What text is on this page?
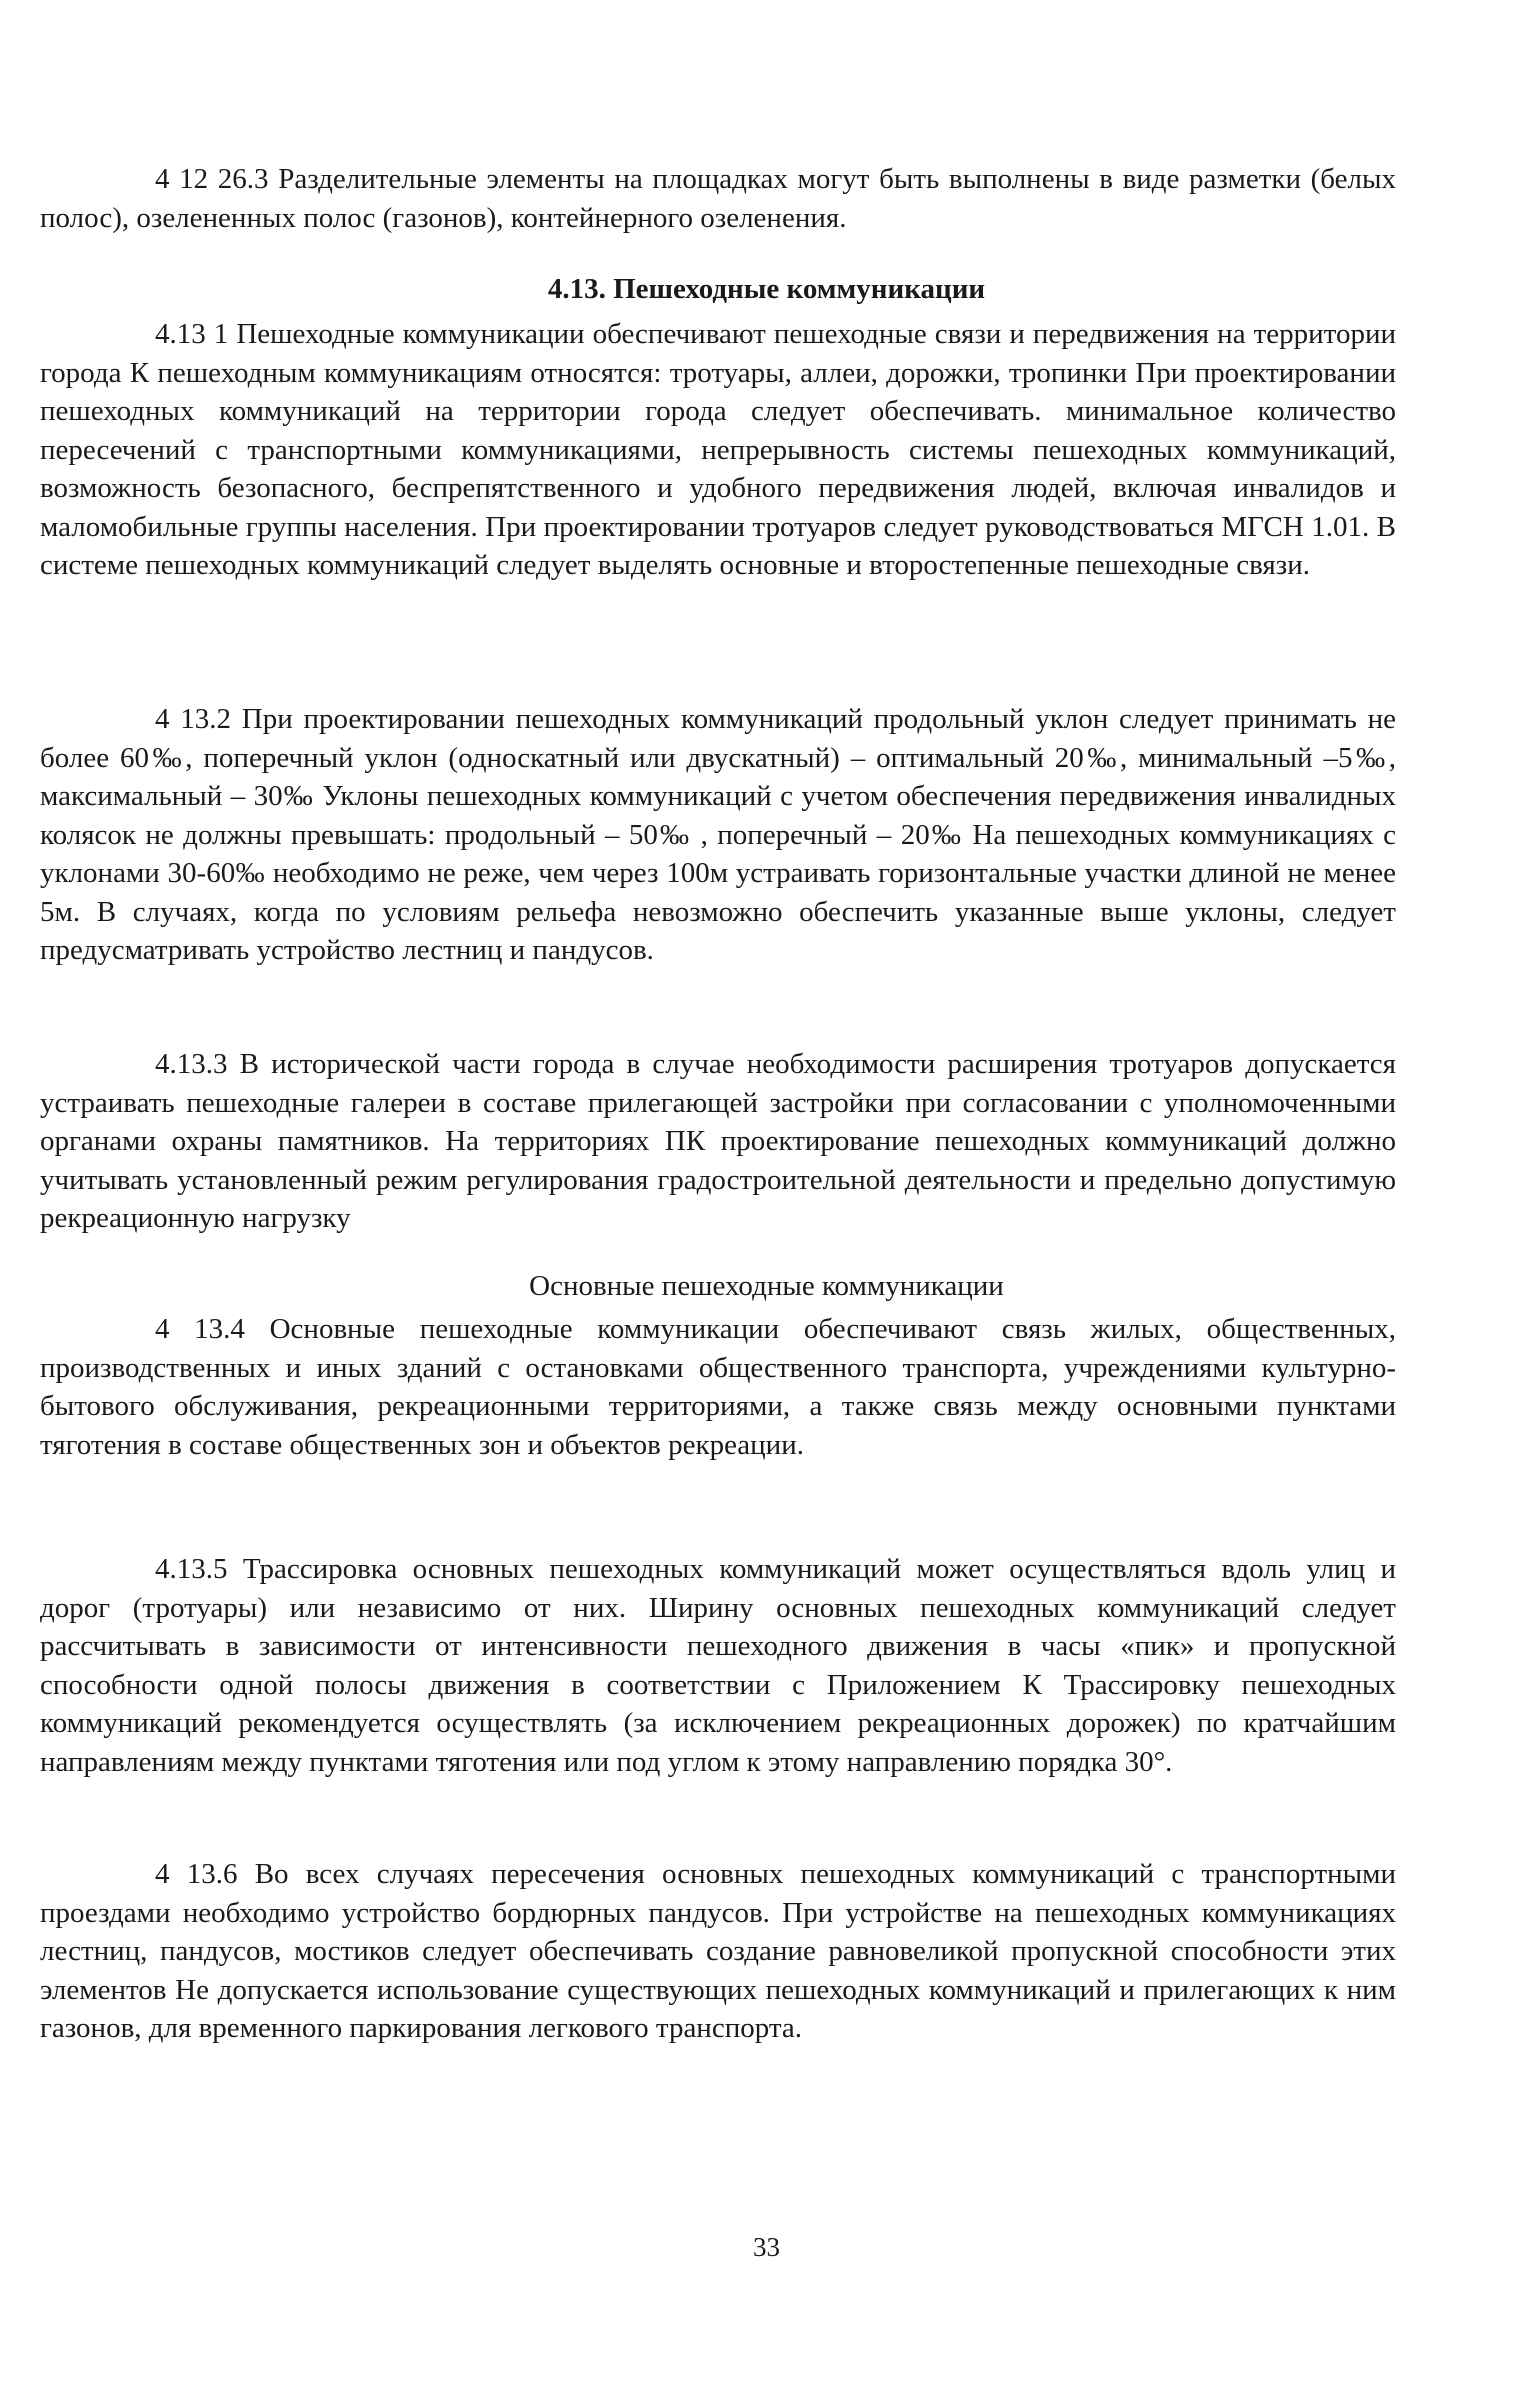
4 12 26.3 Разделительные элементы на площадках могут быть выполнены в виде разметки (белых полос), озелененных полос (газонов), контейнерного озеленения.

4.13. Пешеходные коммуникации

4.13 1 Пешеходные коммуникации обеспечивают пешеходные связи и передвижения на территории города К пешеходным коммуникациям относятся: тротуары, аллеи, дорожки, тропинки При проектировании пешеходных коммуникаций на территории города следует обеспечивать. минимальное количество пересечений с транспортными коммуникациями, непрерывность системы пешеходных коммуникаций, возможность безопасного, беспрепятственного и удобного передвижения людей, включая инвалидов и маломобильные группы населения. При проектировании тротуаров следует руководствоваться МГСН 1.01. В системе пешеходных коммуникаций следует выделять основные и второстепенные пешеходные связи.

4 13.2 При проектировании пешеходных коммуникаций продольный уклон следует принимать не более 60‰, поперечный уклон (односкатный или двускатный) – оптимальный 20‰, минимальный –5‰, максимальный – 30‰ Уклоны пешеходных коммуникаций с учетом обеспечения передвижения инвалидных колясок не должны превышать: продольный – 50‰ , поперечный – 20‰ На пешеходных коммуникациях с уклонами 30-60‰ необходимо не реже, чем через 100м устраивать горизонтальные участки длиной не менее 5м. В случаях, когда по условиям рельефа невозможно обеспечить указанные выше уклоны, следует предусматривать устройство лестниц и пандусов.

4.13.3 В исторической части города в случае необходимости расширения тротуаров допускается устраивать пешеходные галереи в составе прилегающей застройки при согласовании с уполномоченными органами охраны памятников. На территориях ПК проектирование пешеходных коммуникаций должно учитывать установленный режим регулирования градостроительной деятельности и предельно допустимую рекреационную нагрузку

Основные пешеходные коммуникации

4 13.4 Основные пешеходные коммуникации обеспечивают связь жилых, общественных, производственных и иных зданий с остановками общественного транспорта, учреждениями культурно-бытового обслуживания, рекреационными территориями, а также связь между основными пунктами тяготения в составе общественных зон и объектов рекреации.

4.13.5 Трассировка основных пешеходных коммуникаций может осуществляться вдоль улиц и дорог (тротуары) или независимо от них. Ширину основных пешеходных коммуникаций следует рассчитывать в зависимости от интенсивности пешеходного движения в часы «пик» и пропускной способности одной полосы движения в соответствии с Приложением К Трассировку пешеходных коммуникаций рекомендуется осуществлять (за исключением рекреационных дорожек) по кратчайшим направлениям между пунктами тяготения или под углом к этому направлению порядка 30°.

4 13.6 Во всех случаях пересечения основных пешеходных коммуникаций с транспортными проездами необходимо устройство бордюрных пандусов. При устройстве на пешеходных коммуникациях лестниц, пандусов, мостиков следует обеспечивать создание равновеликой пропускной способности этих элементов Не допускается использование существующих пешеходных коммуникаций и прилегающих к ним газонов, для временного паркирования легкового транспорта.

33
